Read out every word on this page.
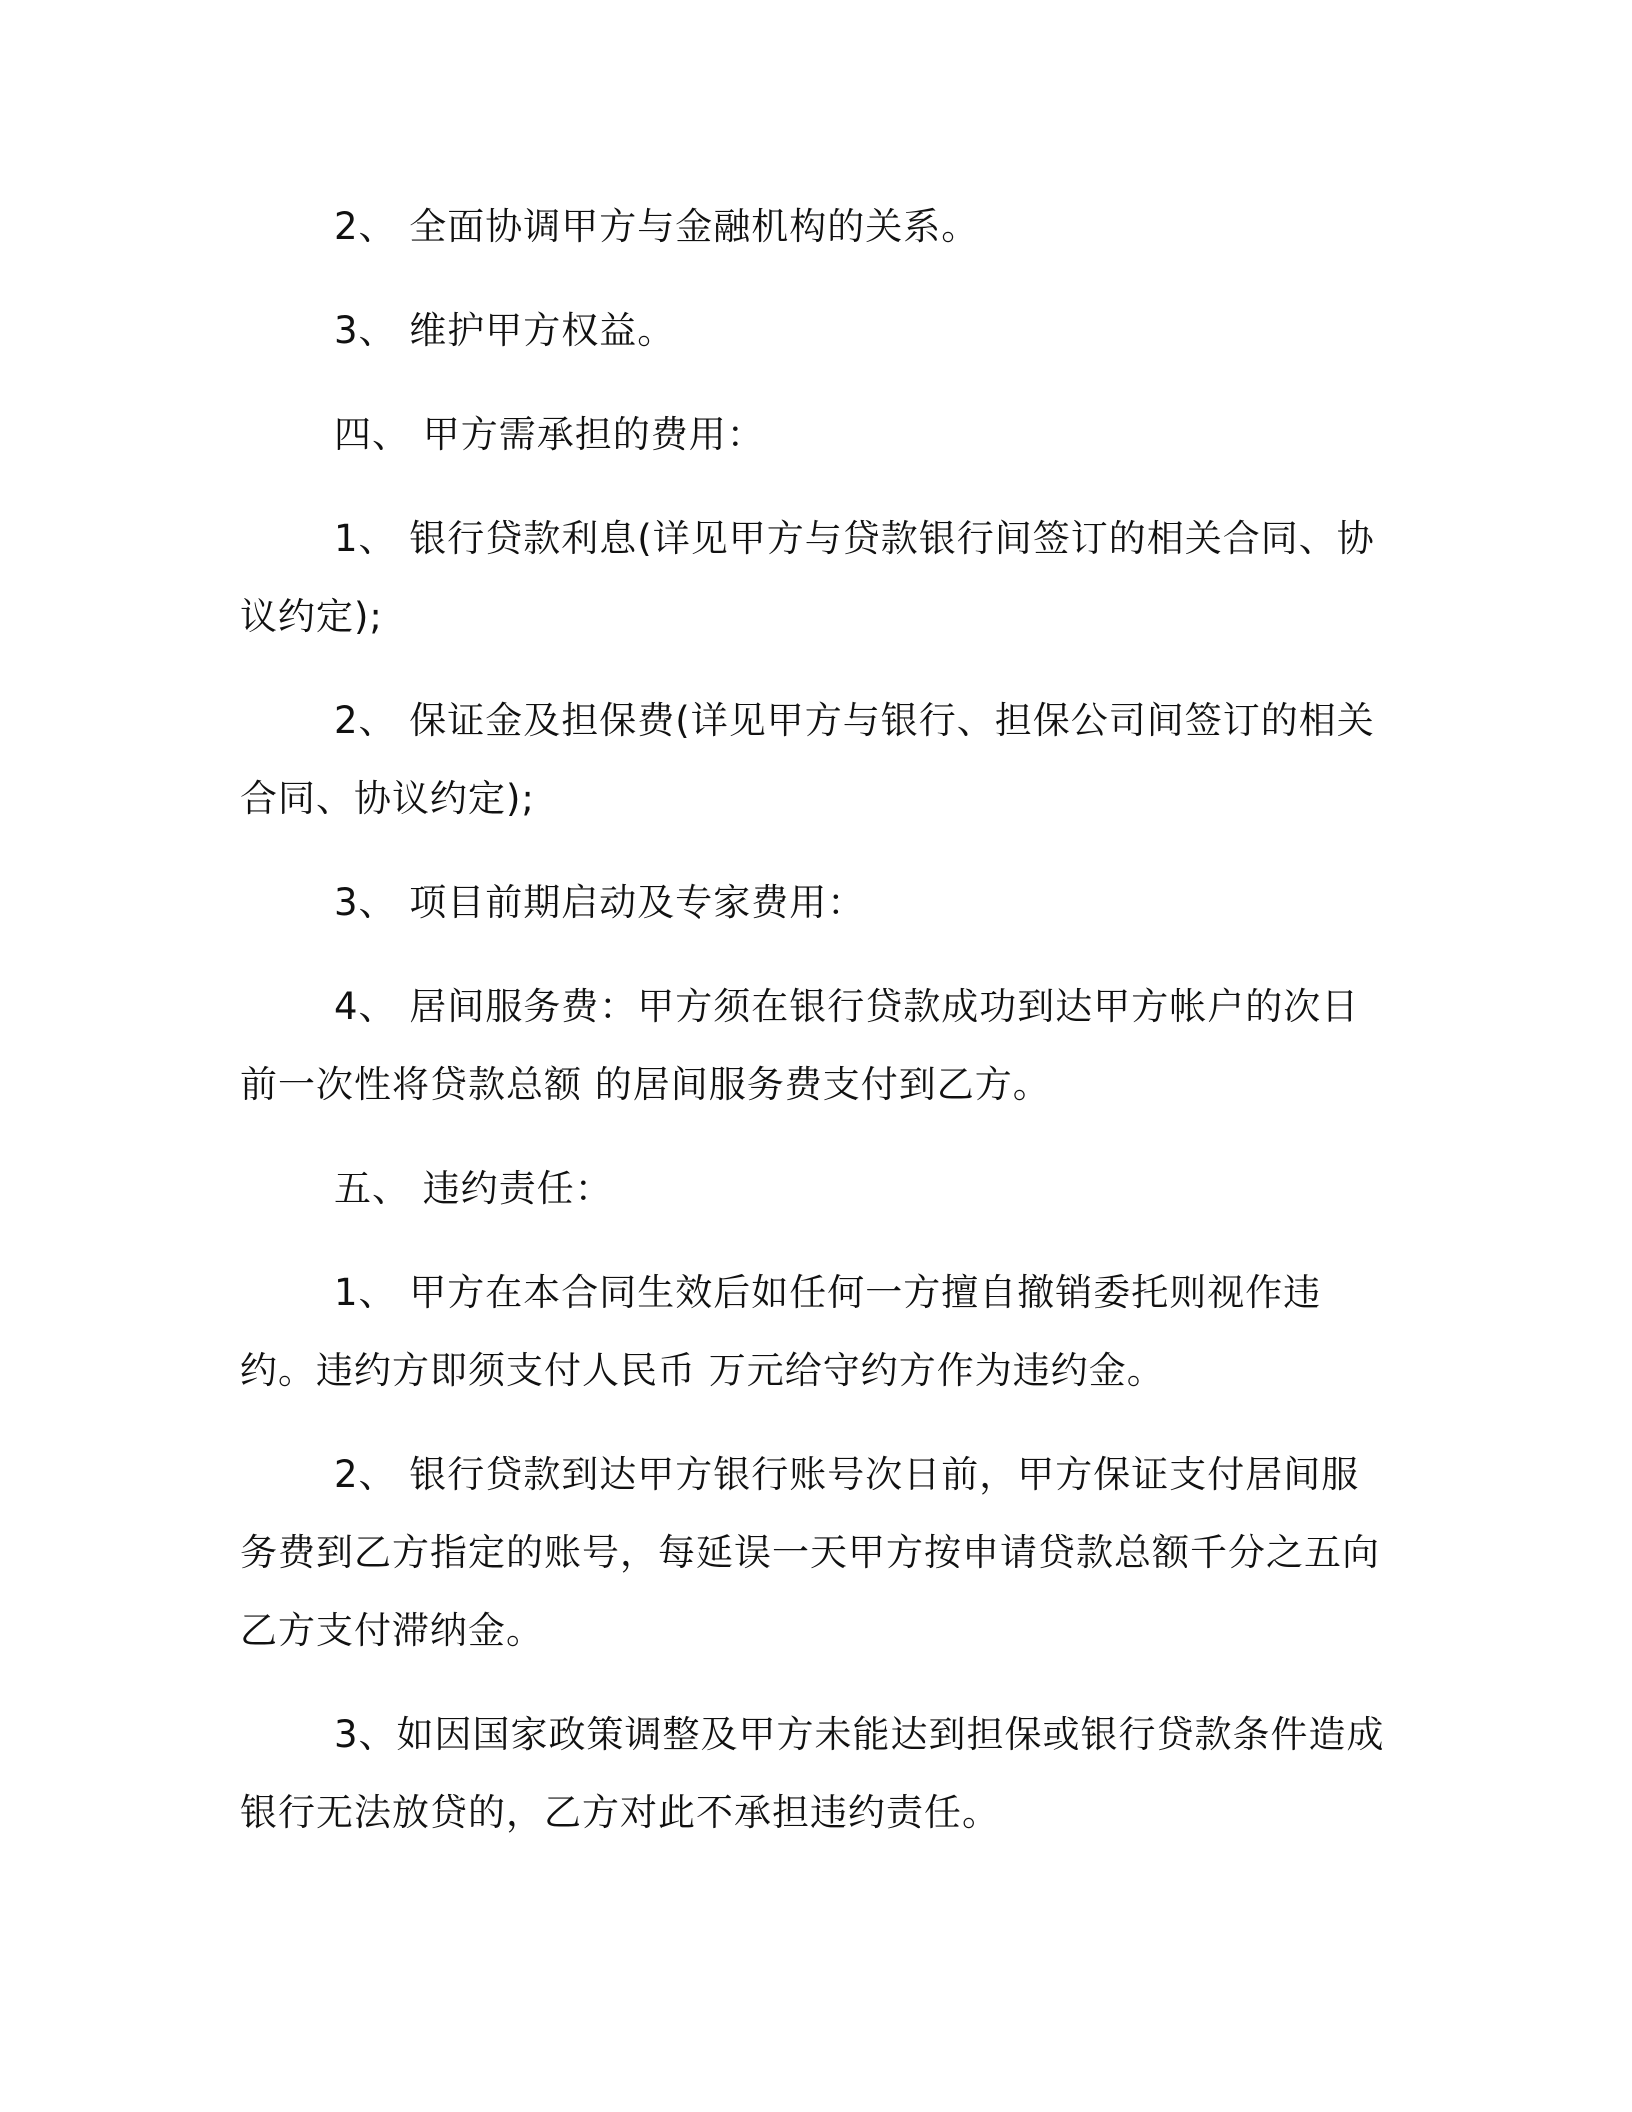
2、 全面协调甲方与金融机构的关系。

3、 维护甲方权益。

四、 甲方需承担的费用：

1、 银行贷款利息(详见甲方与贷款银行间签订的相关合同、协议约定);

2、 保证金及担保费(详见甲方与银行、担保公司间签订的相关合同、协议约定);

3、 项目前期启动及专家费用：

4、 居间服务费：甲方须在银行贷款成功到达甲方帐户的次日前一次性将贷款总额 的居间服务费支付到乙方。

五、 违约责任：

1、 甲方在本合同生效后如任何一方擅自撤销委托则视作违约。违约方即须支付人民币 万元给守约方作为违约金。

2、 银行贷款到达甲方银行账号次日前，甲方保证支付居间服务费到乙方指定的账号，每延误一天甲方按申请贷款总额千分之五向乙方支付滞纳金。

3、如因国家政策调整及甲方未能达到担保或银行贷款条件造成银行无法放贷的，乙方对此不承担违约责任。
